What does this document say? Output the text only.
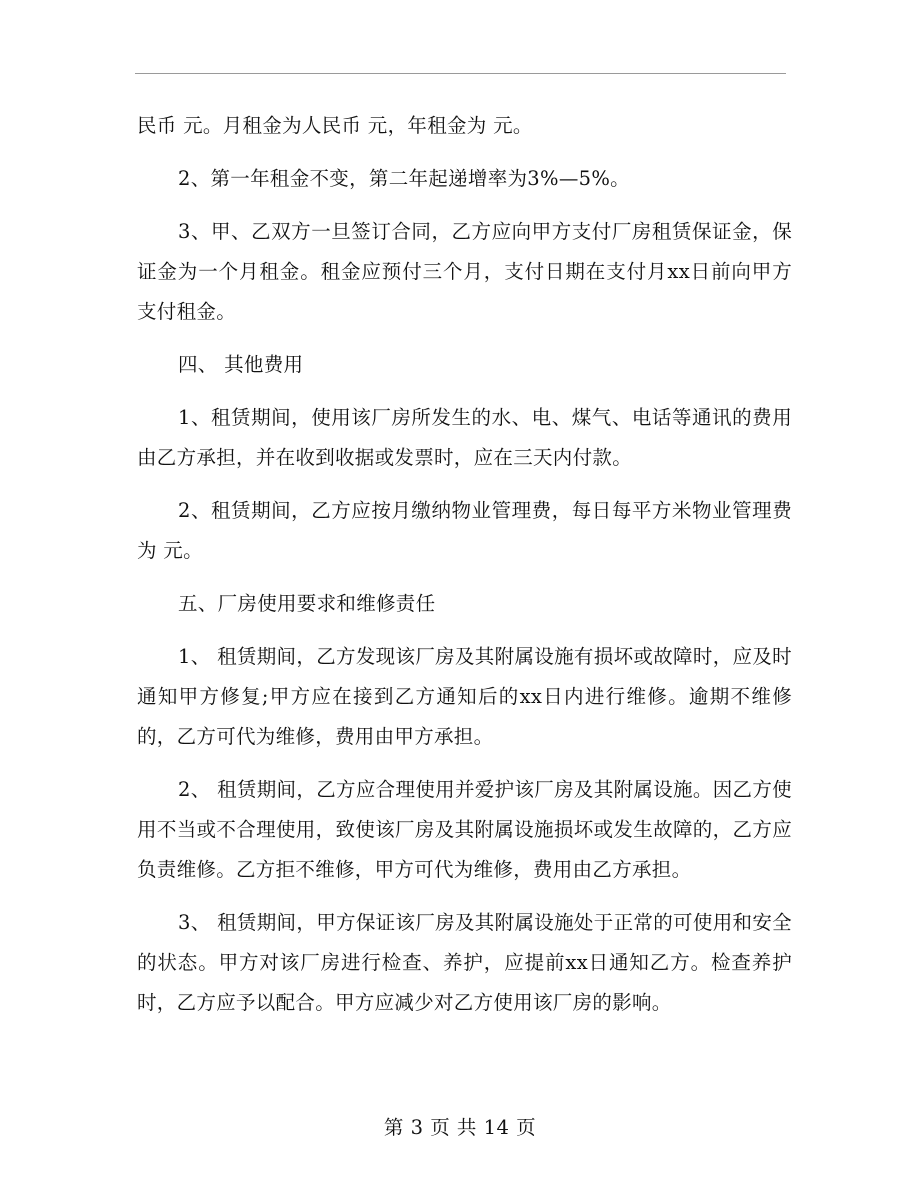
民币 元。月租金为人民币 元，年租金为 元。

2、第一年租金不变，第二年起递增率为3%—5%。

3、甲、乙双方一旦签订合同，乙方应向甲方支付厂房租赁保证金，保证金为一个月租金。租金应预付三个月，支付日期在支付月xx日前向甲方支付租金。

四、 其他费用

1、租赁期间，使用该厂房所发生的水、电、煤气、电话等通讯的费用由乙方承担，并在收到收据或发票时，应在三天内付款。

2、租赁期间，乙方应按月缴纳物业管理费，每日每平方米物业管理费为 元。

五、厂房使用要求和维修责任

1、 租赁期间，乙方发现该厂房及其附属设施有损坏或故障时，应及时通知甲方修复;甲方应在接到乙方通知后的xx日内进行维修。逾期不维修的，乙方可代为维修，费用由甲方承担。

2、 租赁期间，乙方应合理使用并爱护该厂房及其附属设施。因乙方使用不当或不合理使用，致使该厂房及其附属设施损坏或发生故障的，乙方应负责维修。乙方拒不维修，甲方可代为维修，费用由乙方承担。

3、 租赁期间，甲方保证该厂房及其附属设施处于正常的可使用和安全的状态。甲方对该厂房进行检查、养护，应提前xx日通知乙方。检查养护时，乙方应予以配合。甲方应减少对乙方使用该厂房的影响。

第 3 页 共 14 页
